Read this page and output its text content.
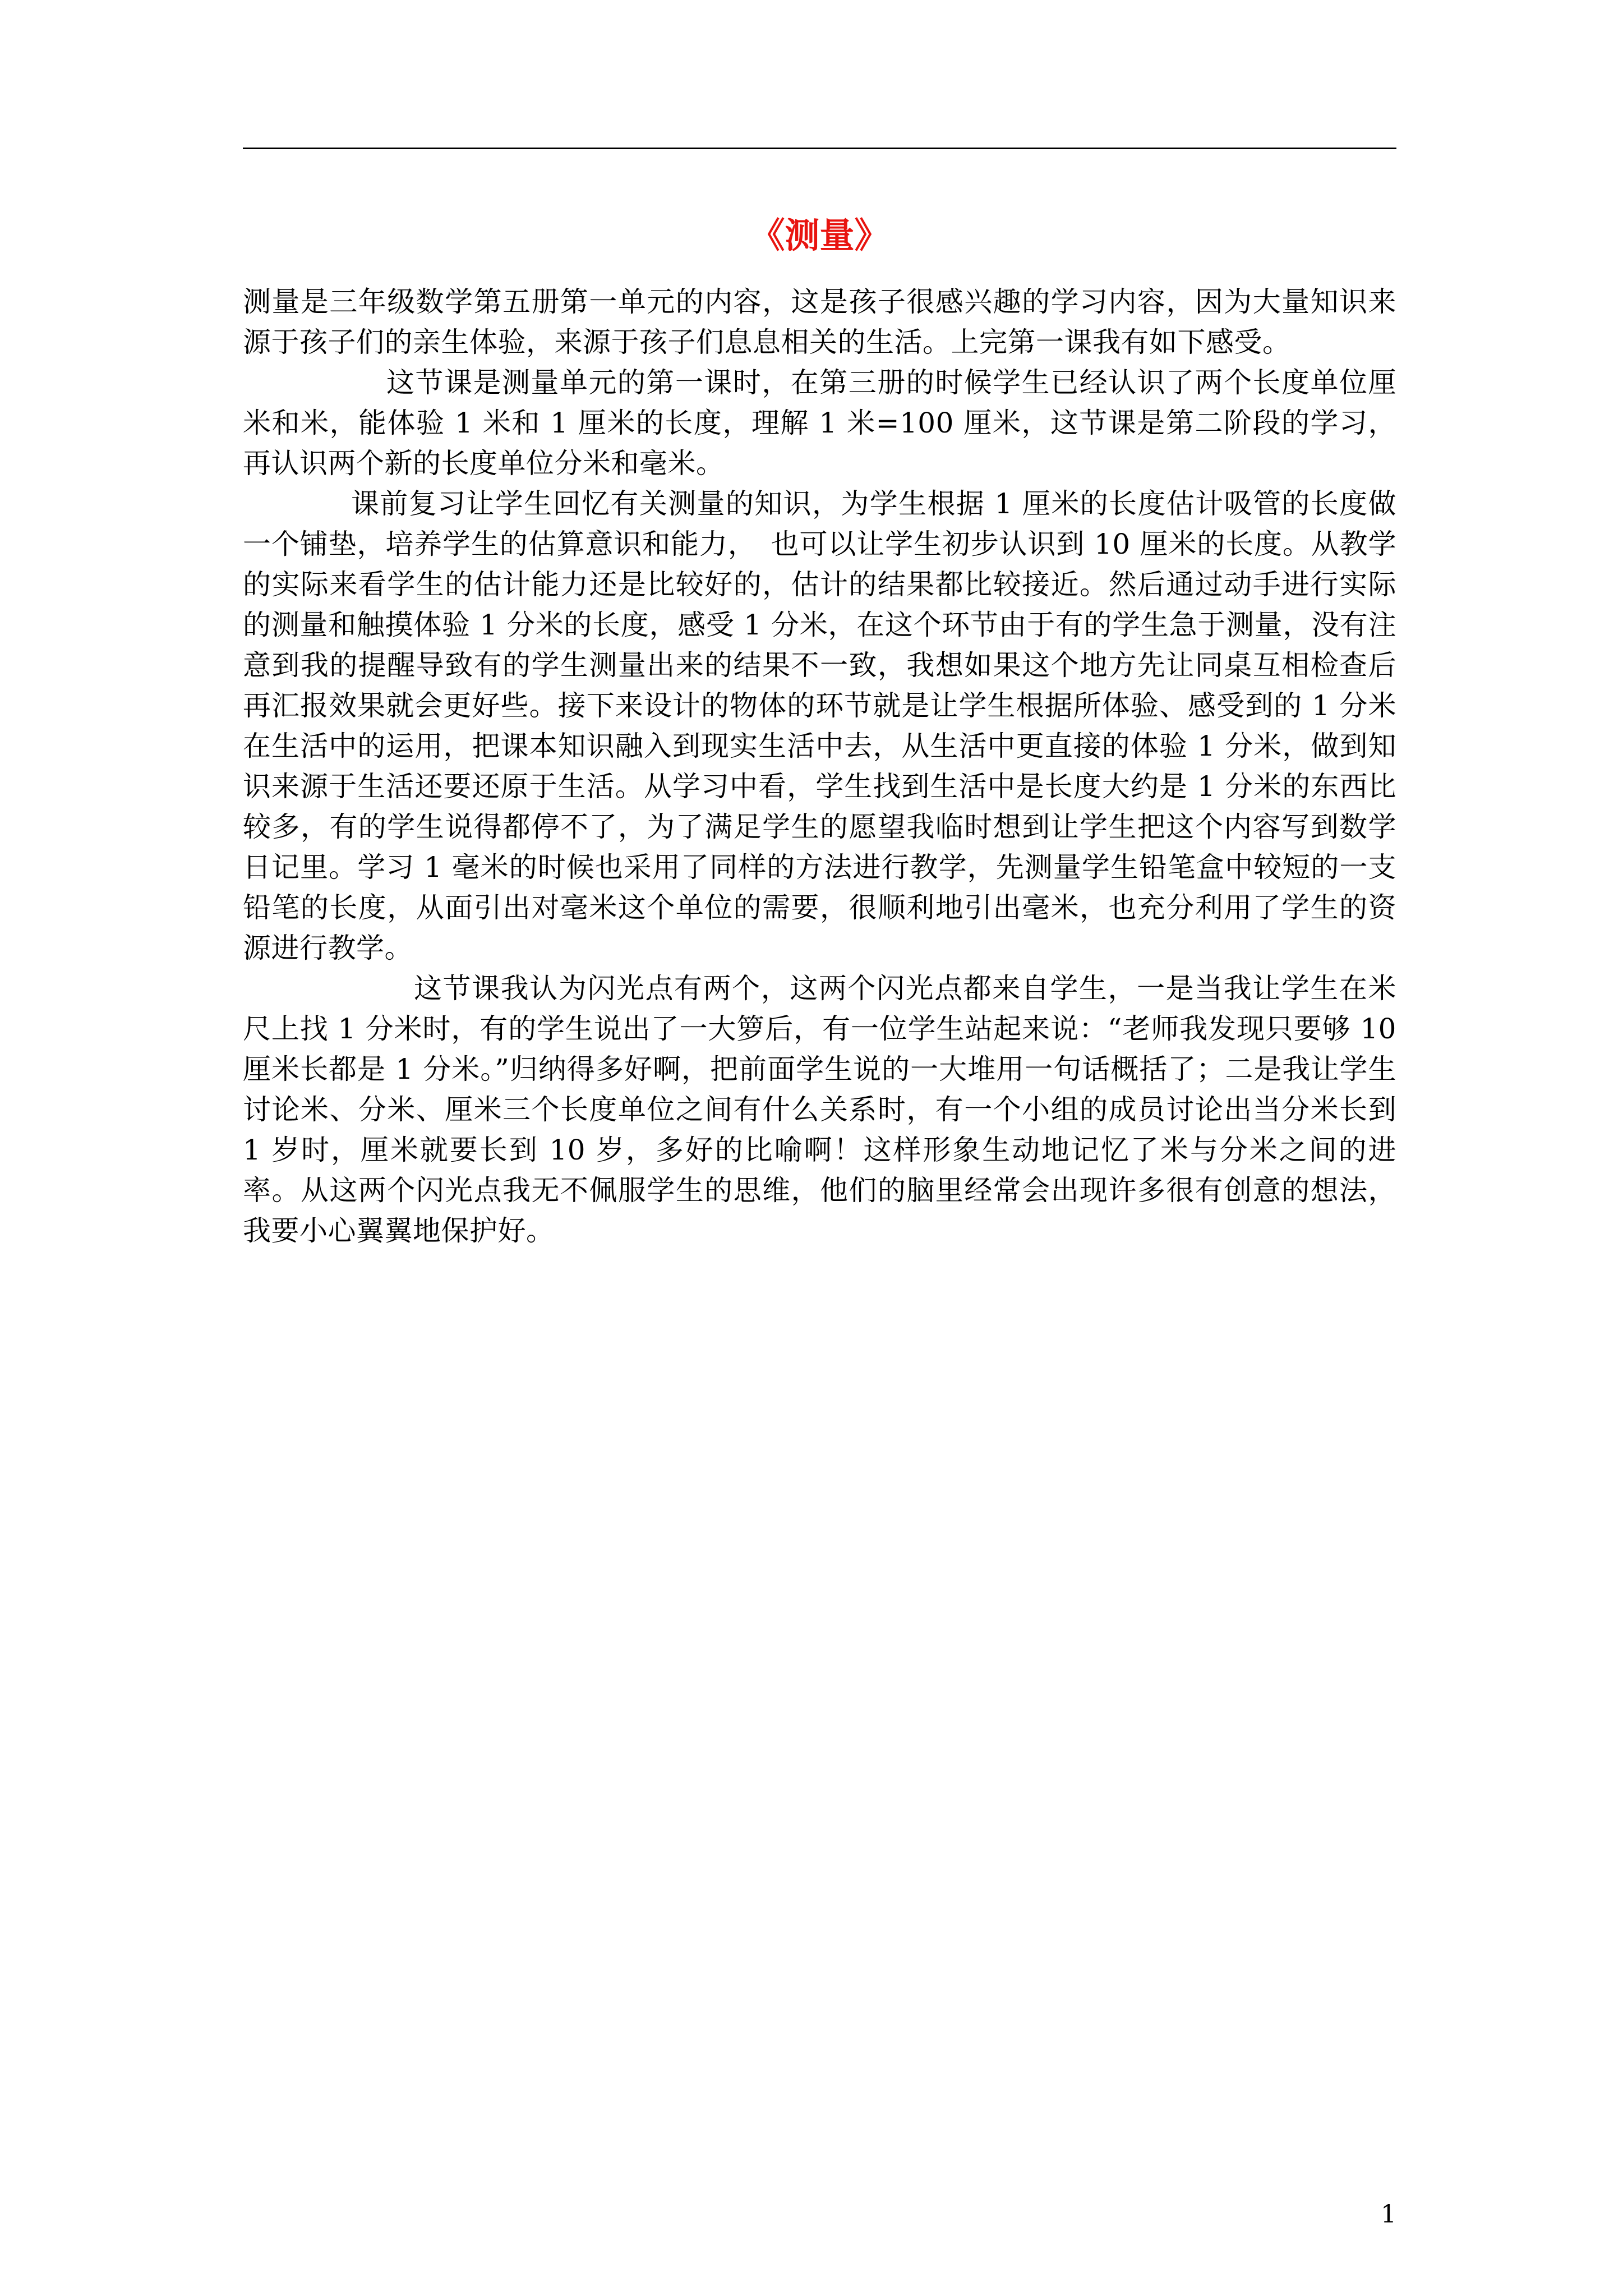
《测量》

测量是三年级数学第五册第一单元的内容，这是孩子很感兴趣的学习内容，因为大量知识来源于孩子们的亲生体验，来源于孩子们息息相关的生活。上完第一课我有如下感受。

这节课是测量单元的第一课时，在第三册的时候学生已经认识了两个长度单位厘米和米，能体验 1 米和 1 厘米的长度，理解 1 米=100 厘米，这节课是第二阶段的学习，再认识两个新的长度单位分米和毫米。

课前复习让学生回忆有关测量的知识，为学生根据 1 厘米的长度估计吸管的长度做一个铺垫，培养学生的估算意识和能力，　也可以让学生初步认识到 10 厘米的长度。从教学的实际来看学生的估计能力还是比较好的，估计的结果都比较接近。然后通过动手进行实际的测量和触摸体验 1 分米的长度，感受 1 分米，在这个环节由于有的学生急于测量，没有注意到我的提醒导致有的学生测量出来的结果不一致，我想如果这个地方先让同桌互相检查后再汇报效果就会更好些。接下来设计的物体的环节就是让学生根据所体验、感受到的 1 分米在生活中的运用，把课本知识融入到现实生活中去，从生活中更直接的体验 1 分米，做到知识来源于生活还要还原于生活。从学习中看，学生找到生活中是长度大约是 1 分米的东西比较多，有的学生说得都停不了，为了满足学生的愿望我临时想到让学生把这个内容写到数学日记里。学习 1 毫米的时候也采用了同样的方法进行教学，先测量学生铅笔盒中较短的一支铅笔的长度，从面引出对毫米这个单位的需要，很顺利地引出毫米，也充分利用了学生的资源进行教学。

这节课我认为闪光点有两个，这两个闪光点都来自学生，一是当我让学生在米尺上找 1 分米时，有的学生说出了一大箩后，有一位学生站起来说：“老师我发现只要够 10 厘米长都是 1 分米。”归纳得多好啊，把前面学生说的一大堆用一句话概括了；二是我让学生讨论米、分米、厘米三个长度单位之间有什么关系时，有一个小组的成员讨论出当分米长到 1 岁时，厘米就要长到 10 岁，多好的比喻啊！这样形象生动地记忆了米与分米之间的进率。从这两个闪光点我无不佩服学生的思维，他们的脑里经常会出现许多很有创意的想法，我要小心翼翼地保护好。

1
